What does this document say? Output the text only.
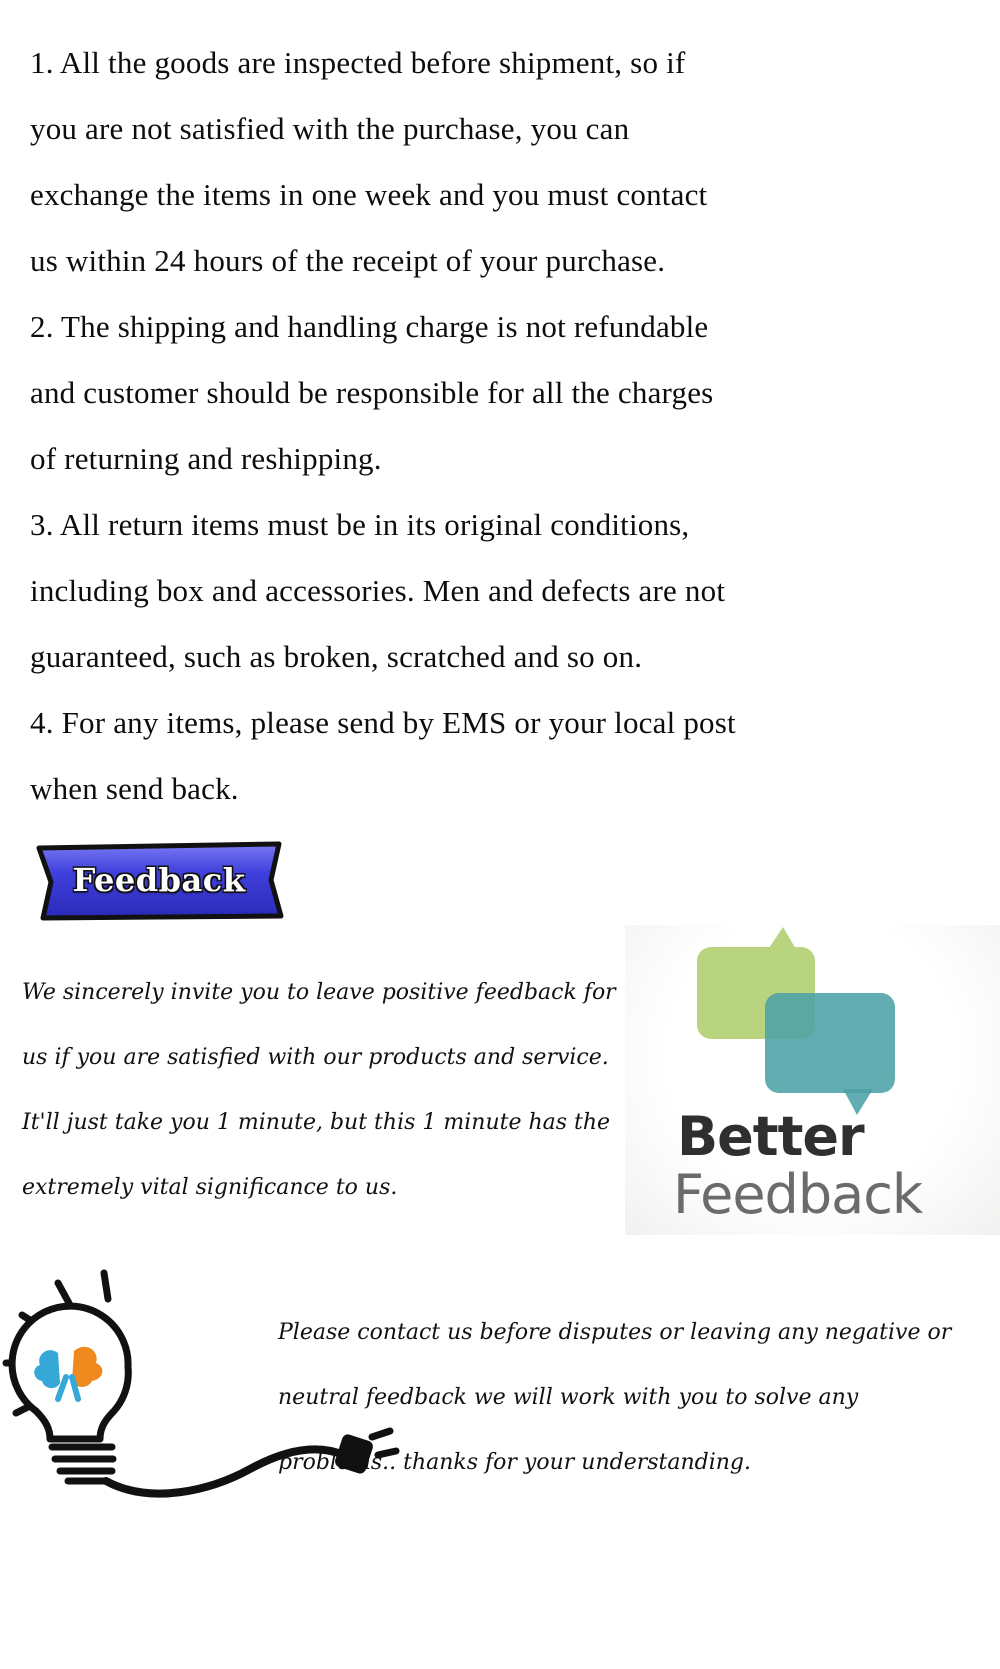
1. All the goods are inspected before shipment, so if
you are not satisfied with the purchase, you can
exchange the items in one week and you must contact
us within 24 hours of the receipt of your purchase.
2. The shipping and handling charge is not refundable
and customer should be responsible for all the charges
of returning and reshipping.
3. All return items must be in its original conditions,
including box and accessories. Men and defects are not
guaranteed, such as broken, scratched and so on.
4. For any items, please send by EMS or your local post
when send back.
Feedback
We sincerely invite you to leave positive feedback for
us if you are satisfied with our products and service.
It'll just take you 1 minute, but this 1 minute has the
extremely vital significance to us.
Better
Feedback
Please contact us before disputes or leaving any negative or
neutral feedback we will work with you to solve any
problems.. thanks for your understanding.
